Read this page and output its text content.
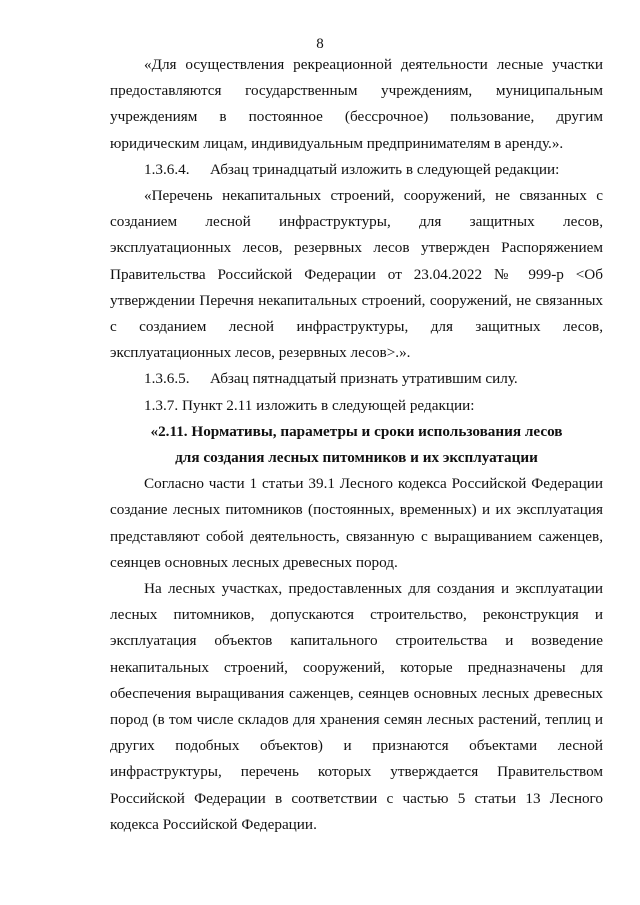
8

«Для осуществления рекреационной деятельности лесные участки предоставляются государственным учреждениям, муниципальным учреждениям в постоянное (бессрочное) пользование, другим юридическим лицам, индивидуальным предпринимателям в аренду.».

1.3.6.4.	Абзац тринадцатый изложить в следующей редакции:

«Перечень некапитальных строений, сооружений, не связанных с созданием лесной инфраструктуры, для защитных лесов, эксплуатационных лесов, резервных лесов утвержден Распоряжением Правительства Российской Федерации от 23.04.2022 № 999-р <Об утверждении Перечня некапитальных строений, сооружений, не связанных с созданием лесной инфраструктуры, для защитных лесов, эксплуатационных лесов, резервных лесов>.».

1.3.6.5.	Абзац пятнадцатый признать утратившим силу.

1.3.7. Пункт 2.11 изложить в следующей редакции:

«2.11. Нормативы, параметры и сроки использования лесов

для создания лесных питомников и их эксплуатации

Согласно части 1 статьи 39.1 Лесного кодекса Российской Федерации создание лесных питомников (постоянных, временных) и их эксплуатация представляют собой деятельность, связанную с выращиванием саженцев, сеянцев основных лесных древесных пород.

На лесных участках, предоставленных для создания и эксплуатации лесных питомников, допускаются строительство, реконструкция и эксплуатация объектов капитального строительства и возведение некапитальных строений, сооружений, которые предназначены для обеспечения выращивания саженцев, сеянцев основных лесных древесных пород (в том числе складов для хранения семян лесных растений, теплиц и других подобных объектов) и признаются объектами лесной инфраструктуры, перечень которых утверждается Правительством Российской Федерации в соответствии с частью 5 статьи 13 Лесного кодекса Российской Федерации.
